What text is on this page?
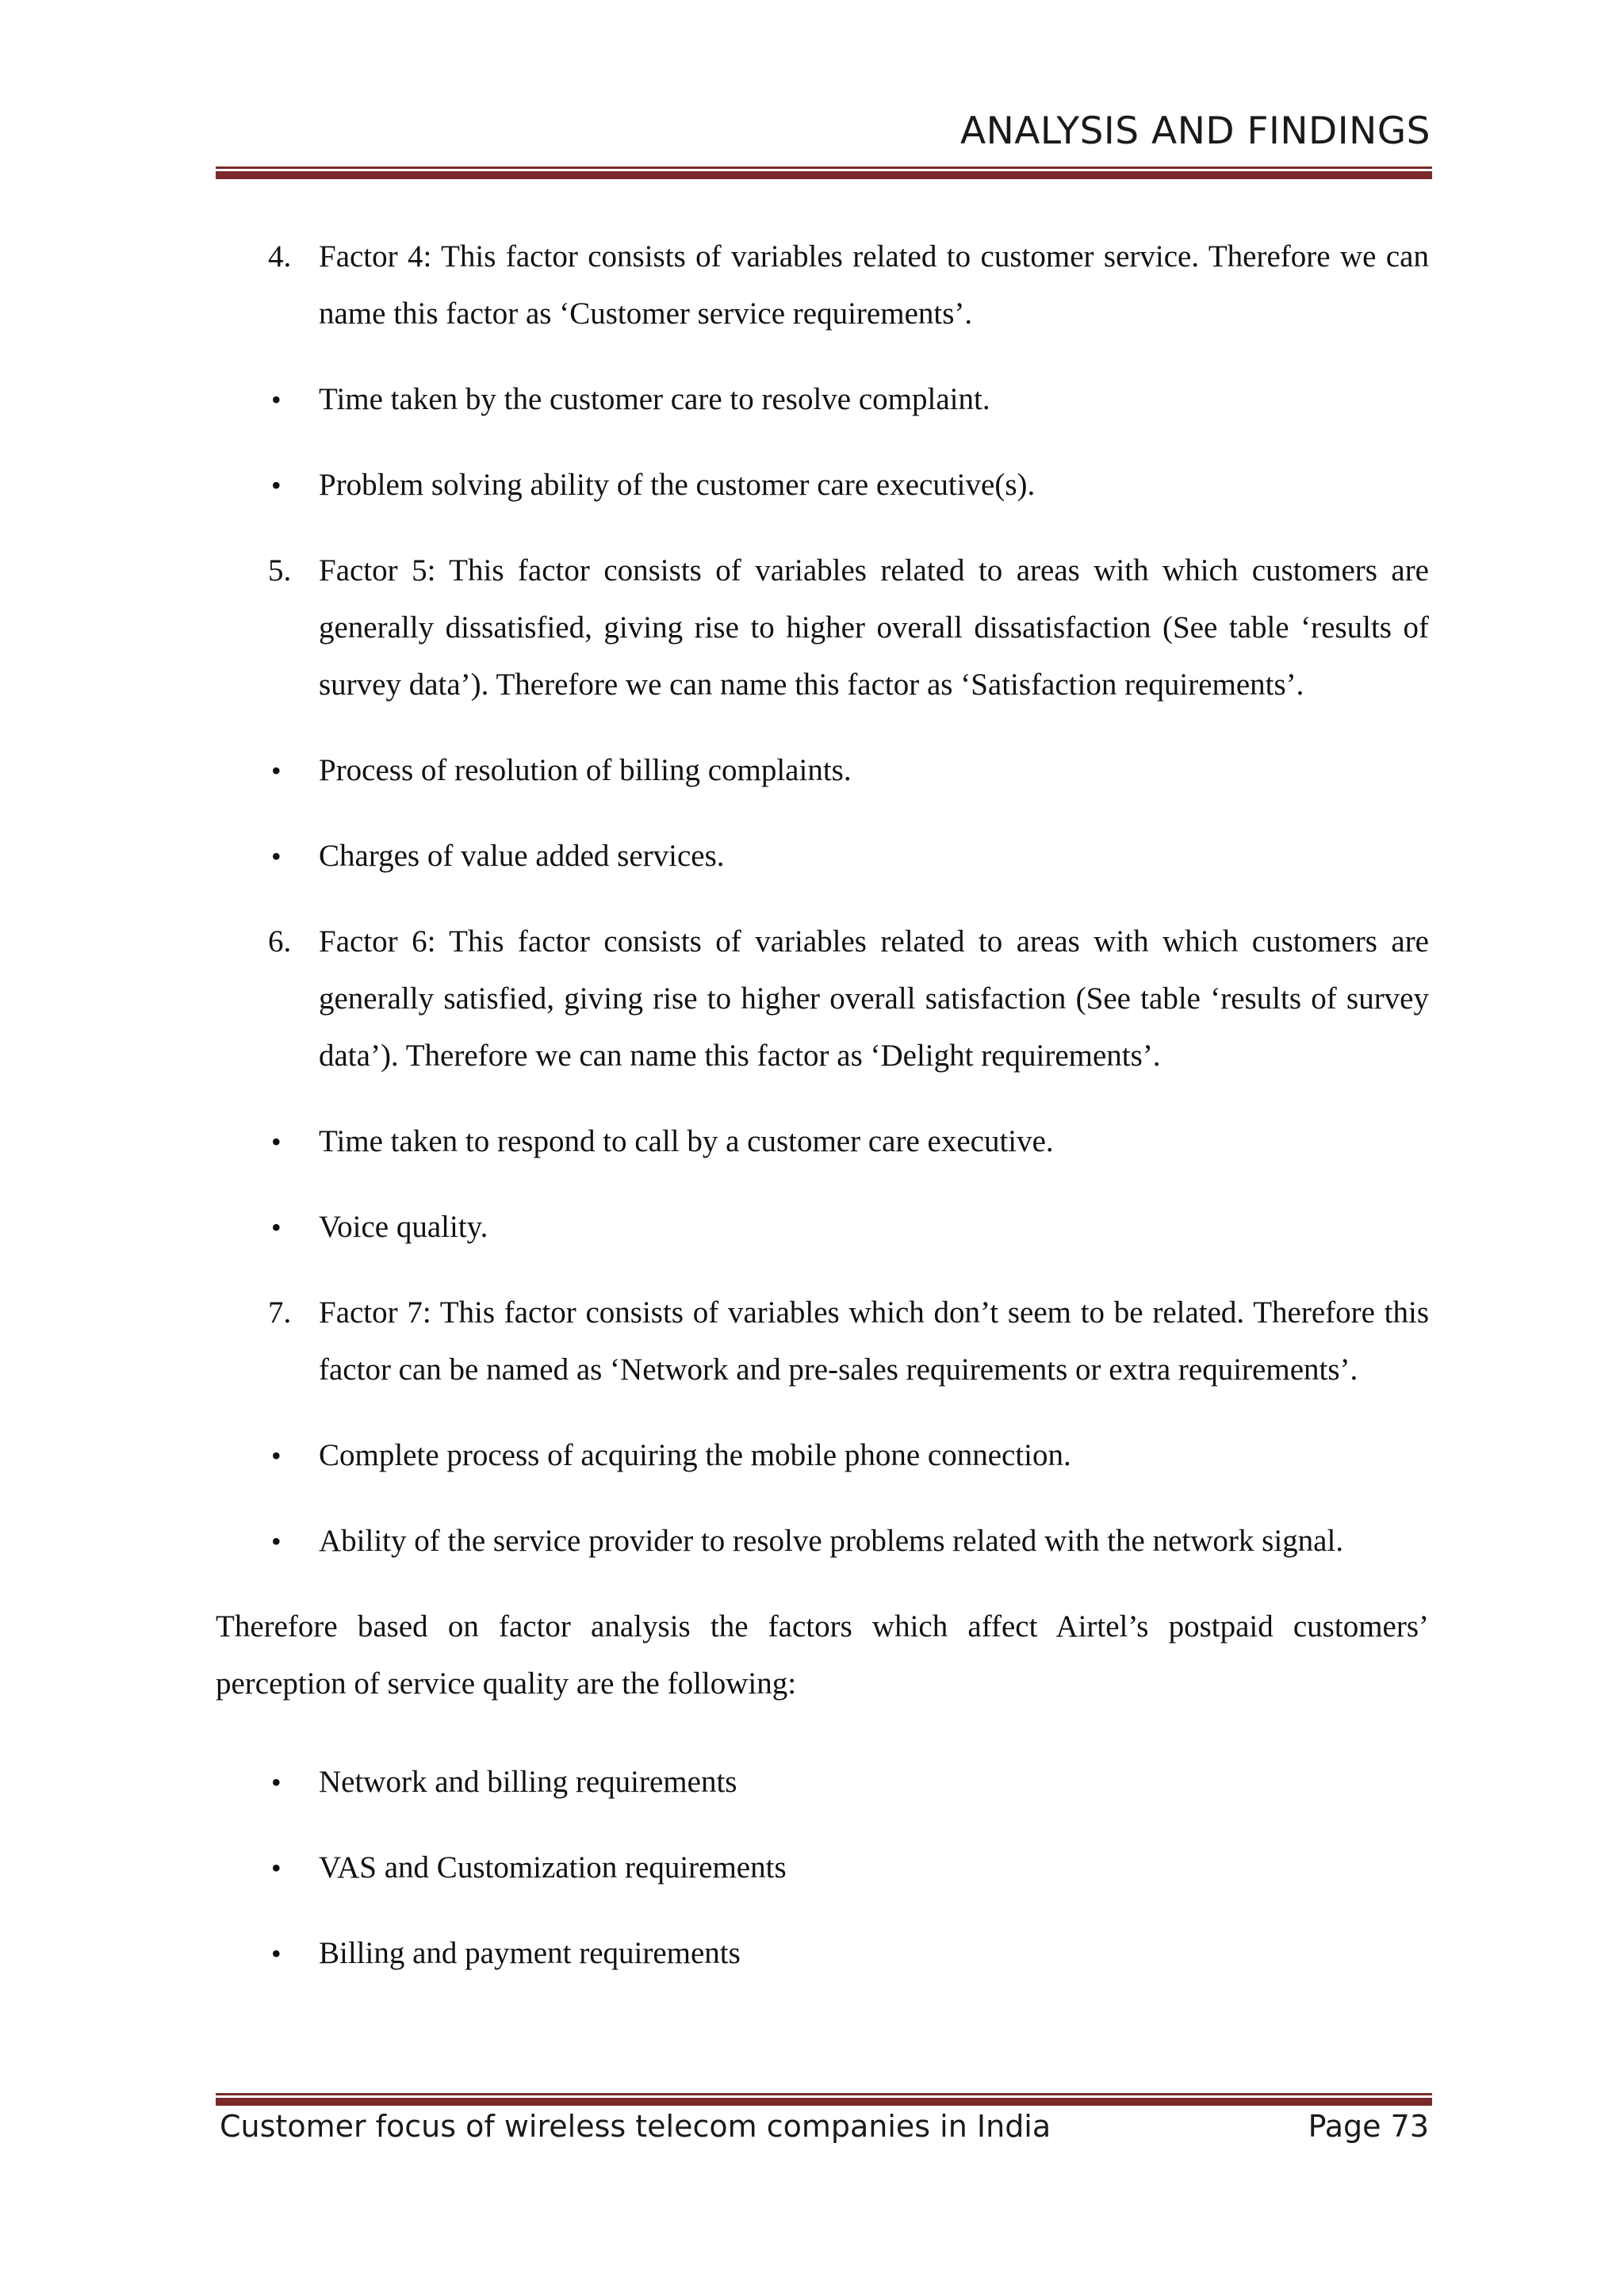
ANALYSIS AND FINDINGS
4. Factor 4: This factor consists of variables related to customer service. Therefore we can name this factor as ‘Customer service requirements’.
• Time taken by the customer care to resolve complaint.
• Problem solving ability of the customer care executive(s).
5. Factor 5: This factor consists of variables related to areas with which customers are generally dissatisfied, giving rise to higher overall dissatisfaction (See table ‘results of survey data’). Therefore we can name this factor as ‘Satisfaction requirements’.
• Process of resolution of billing complaints.
• Charges of value added services.
6. Factor 6: This factor consists of variables related to areas with which customers are generally satisfied, giving rise to higher overall satisfaction (See table ‘results of survey data’). Therefore we can name this factor as ‘Delight requirements’.
• Time taken to respond to call by a customer care executive.
• Voice quality.
7. Factor 7: This factor consists of variables which don’t seem to be related. Therefore this factor can be named as ‘Network and pre-sales requirements or extra requirements’.
• Complete process of acquiring the mobile phone connection.
• Ability of the service provider to resolve problems related with the network signal.
Therefore based on factor analysis the factors which affect Airtel’s postpaid customers’ perception of service quality are the following:
• Network and billing requirements
• VAS and Customization requirements
• Billing and payment requirements
Customer focus of wireless telecom companies in India	Page 73
